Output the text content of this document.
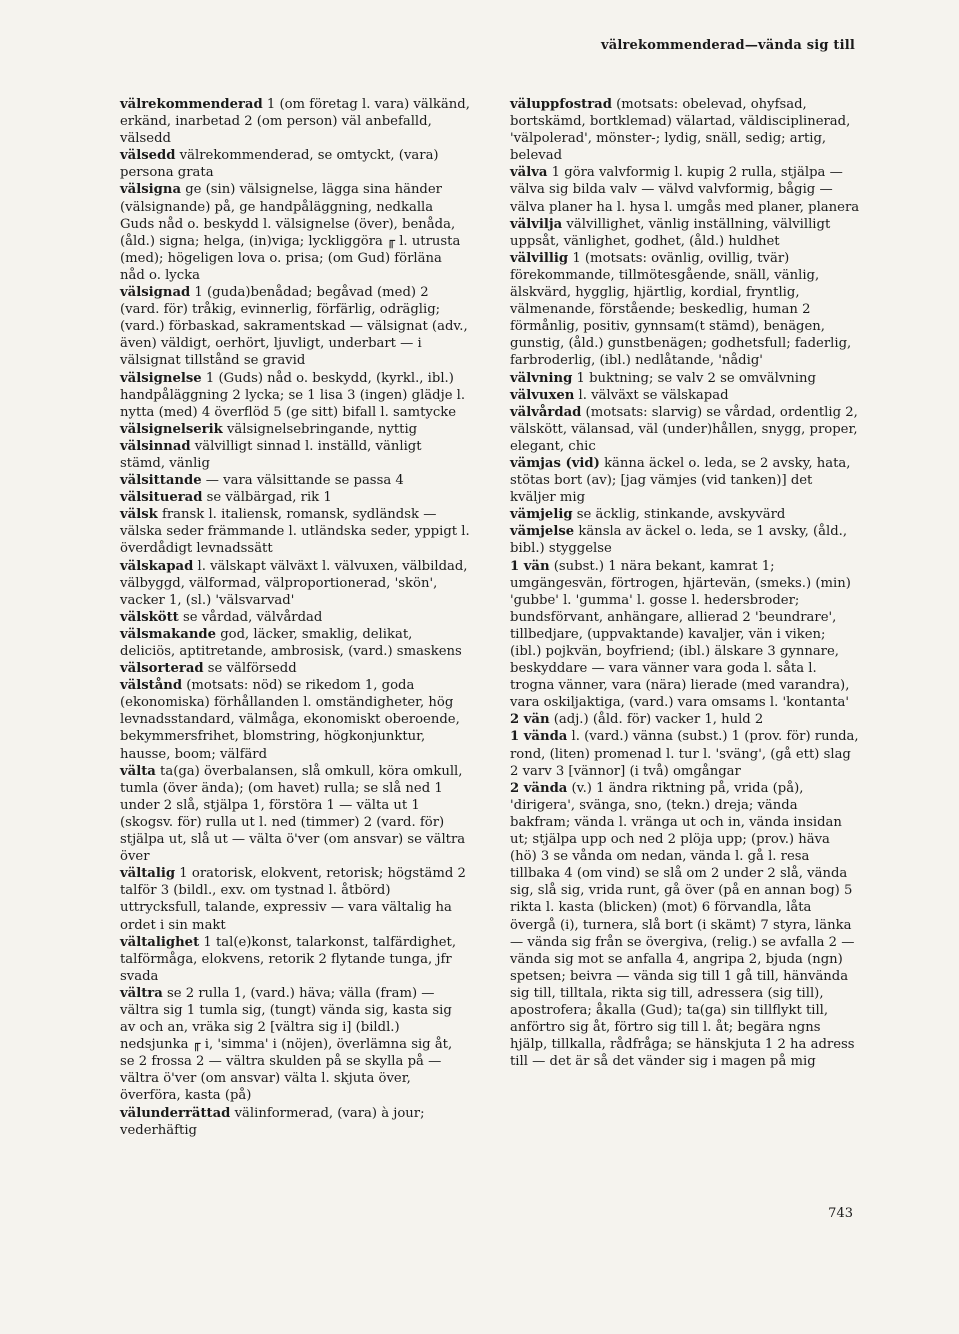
välrekommenderad—vända sig till

välrekommenderad 1 (om företag l. vara) välkänd, erkänd, inarbetad 2 (om person) väl anbefalld, välsedd

välsedd välrekommenderad, se omtyckt, (vara) persona grata

välsigna ge (sin) välsignelse, lägga sina händer (välsignande) på, ge handpåläggning, nedkalla Guds nåd o. beskydd l. välsignelse (över), benåda, (åld.) signa; helga, (in)viga; lyckliggöra ╓ l. utrusta (med); högeligen lova o. prisa; (om Gud) förläna nåd o. lycka

välsignad 1 (guda)benådad; begåvad (med) 2 (vard. för) tråkig, evinnerlig, förfärlig, odräglig; (vard.) förbaskad, sakramentskad — välsignat (adv., även) väldigt, oerhört, ljuvligt, underbart — i välsignat tillstånd se gravid

välsignelse 1 (Guds) nåd o. beskydd, (kyrkl., ibl.) handpåläggning 2 lycka; se 1 lisa 3 (ingen) glädje l. nytta (med) 4 överflöd 5 (ge sitt) bifall l. samtycke

välsignelserik välsignelsebringande, nyttig

välsinnad välvilligt sinnad l. inställd, vänligt stämd, vänlig

välsittande — vara välsittande se passa 4

välsituerad se välbärgad, rik 1

välsk fransk l. italiensk, romansk, sydländsk — välska seder främmande l. utländska seder, yppigt l. överdådigt levnadssätt

välskapad l. välskapt välväxt l. välvuxen, välbildad, välbyggd, välformad, välproportionerad, 'skön', vacker 1, (sl.) 'välsvarvad'

välskött se vårdad, välvårdad

välsmakande god, läcker, smaklig, delikat, deliciös, aptitretande, ambrosisk, (vard.) smaskens

välsorterad se välförsedd

välstånd (motsats: nöd) se rikedom 1, goda (ekonomiska) förhållanden l. omständigheter, hög levnadsstandard, välmåga, ekonomiskt oberoende, bekymmersfrihet, blomstring, högkonjunktur, hausse, boom; välfärd

välta ta(ga) överbalansen, slå omkull, köra omkull, tumla (över ända); (om havet) rulla; se slå ned 1 under 2 slå, stjälpa 1, förstöra 1 — välta ut 1 (skogsv. för) rulla ut l. ned (timmer) 2 (vard. för) stjälpa ut, slå ut — välta ö'ver (om ansvar) se vältra över

vältalig 1 oratorisk, elokvent, retorisk; högstämd 2 talför 3 (bildl., exv. om tystnad l. åtbörd) uttrycksfull, talande, expressiv — vara vältalig ha ordet i sin makt

vältalighet 1 tal(e)konst, talarkonst, talfärdighet, talförmåga, elokvens, retorik 2 flytande tunga, jfr svada

vältra se 2 rulla 1, (vard.) häva; välla (fram) — vältra sig 1 tumla sig, (tungt) vända sig, kasta sig av och an, vräka sig 2 [vältra sig i] (bildl.) nedsjunka ╓ i, 'simma' i (nöjen), överlämna sig åt, se 2 frossa 2 — vältra skulden på se skylla på — vältra ö'ver (om ansvar) välta l. skjuta över, överföra, kasta (på)

välunderrättad välinformerad, (vara) à jour; vederhäftig

väluppfostrad (motsats: obelevad, ohyfsad, bortskämd, bortklemad) välartad, väldisciplinerad, 'välpolerad', mönster-; lydig, snäll, sedig; artig, belevad

välva 1 göra valvformig l. kupig 2 rulla, stjälpa — välva sig bilda valv — välvd valvformig, bågig — välva planer ha l. hysa l. umgås med planer, planera

välvilja välvillighet, vänlig inställning, välvilligt uppsåt, vänlighet, godhet, (åld.) huldhet

välvillig 1 (motsats: ovänlig, ovillig, tvär) förekommande, tillmötesgående, snäll, vänlig, älskvärd, hygglig, hjärtlig, kordial, fryntlig, välmenande, förstående; beskedlig, human 2 förmånlig, positiv, gynnsam(t stämd), benägen, gunstig, (åld.) gunstbenägen; godhetsfull; faderlig, farbroderlig, (ibl.) nedlåtande, 'nådig'

välvning 1 buktning; se valv 2 se omvälvning

välvuxen l. välväxt se välskapad

välvårdad (motsats: slarvig) se vårdad, ordentlig 2, välskött, välansad, väl (under)hållen, snygg, proper, elegant, chic

vämjas (vid) känna äckel o. leda, se 2 avsky, hata, stötas bort (av); [jag vämjes (vid tanken)] det kväljer mig

vämjelig se äcklig, stinkande, avskyvärd

vämjelse känsla av äckel o. leda, se 1 avsky, (åld., bibl.) styggelse

1 vän (subst.) 1 nära bekant, kamrat 1; umgängesvän, förtrogen, hjärtevän, (smeks.) (min) 'gubbe' l. 'gumma' l. gosse l. hedersbroder; bundsförvant, anhängare, allierad 2 'beundrare', tillbedjare, (uppvaktande) kavaljer, vän i viken; (ibl.) pojkvän, boyfriend; (ibl.) älskare 3 gynnare, beskyddare — vara vänner vara goda l. såta l. trogna vänner, vara (nära) lierade (med varandra), vara oskiljaktiga, (vard.) vara omsams l. 'kontanta'

2 vän (adj.) (åld. för) vacker 1, huld 2

1 vända l. (vard.) vänna (subst.) 1 (prov. för) runda, rond, (liten) promenad l. tur l. 'sväng', (gå ett) slag 2 varv 3 [vännor] (i två) omgångar

2 vända (v.) 1 ändra riktning på, vrida (på), 'dirigera', svänga, sno, (tekn.) dreja; vända bakfram; vända l. vränga ut och in, vända insidan ut; stjälpa upp och ned 2 plöja upp; (prov.) häva (hö) 3 se vånda om nedan, vända l. gå l. resa tillbaka 4 (om vind) se slå om 2 under 2 slå, vända sig, slå sig, vrida runt, gå över (på en annan bog) 5 rikta l. kasta (blicken) (mot) 6 förvandla, låta övergå (i), turnera, slå bort (i skämt) 7 styra, länka — vända sig från se övergiva, (relig.) se avfalla 2 — vända sig mot se anfalla 4, angripa 2, bjuda (ngn) spetsen; beivra — vända sig till 1 gå till, hänvända sig till, tilltala, rikta sig till, adressera (sig till), apostrofera; åkalla (Gud); ta(ga) sin tillflykt till, anförtro sig åt, förtro sig till l. åt; begära ngns hjälp, tillkalla, rådfråga; se hänskjuta 1 2 ha adress till — det är så det vänder sig i magen på mig

743
